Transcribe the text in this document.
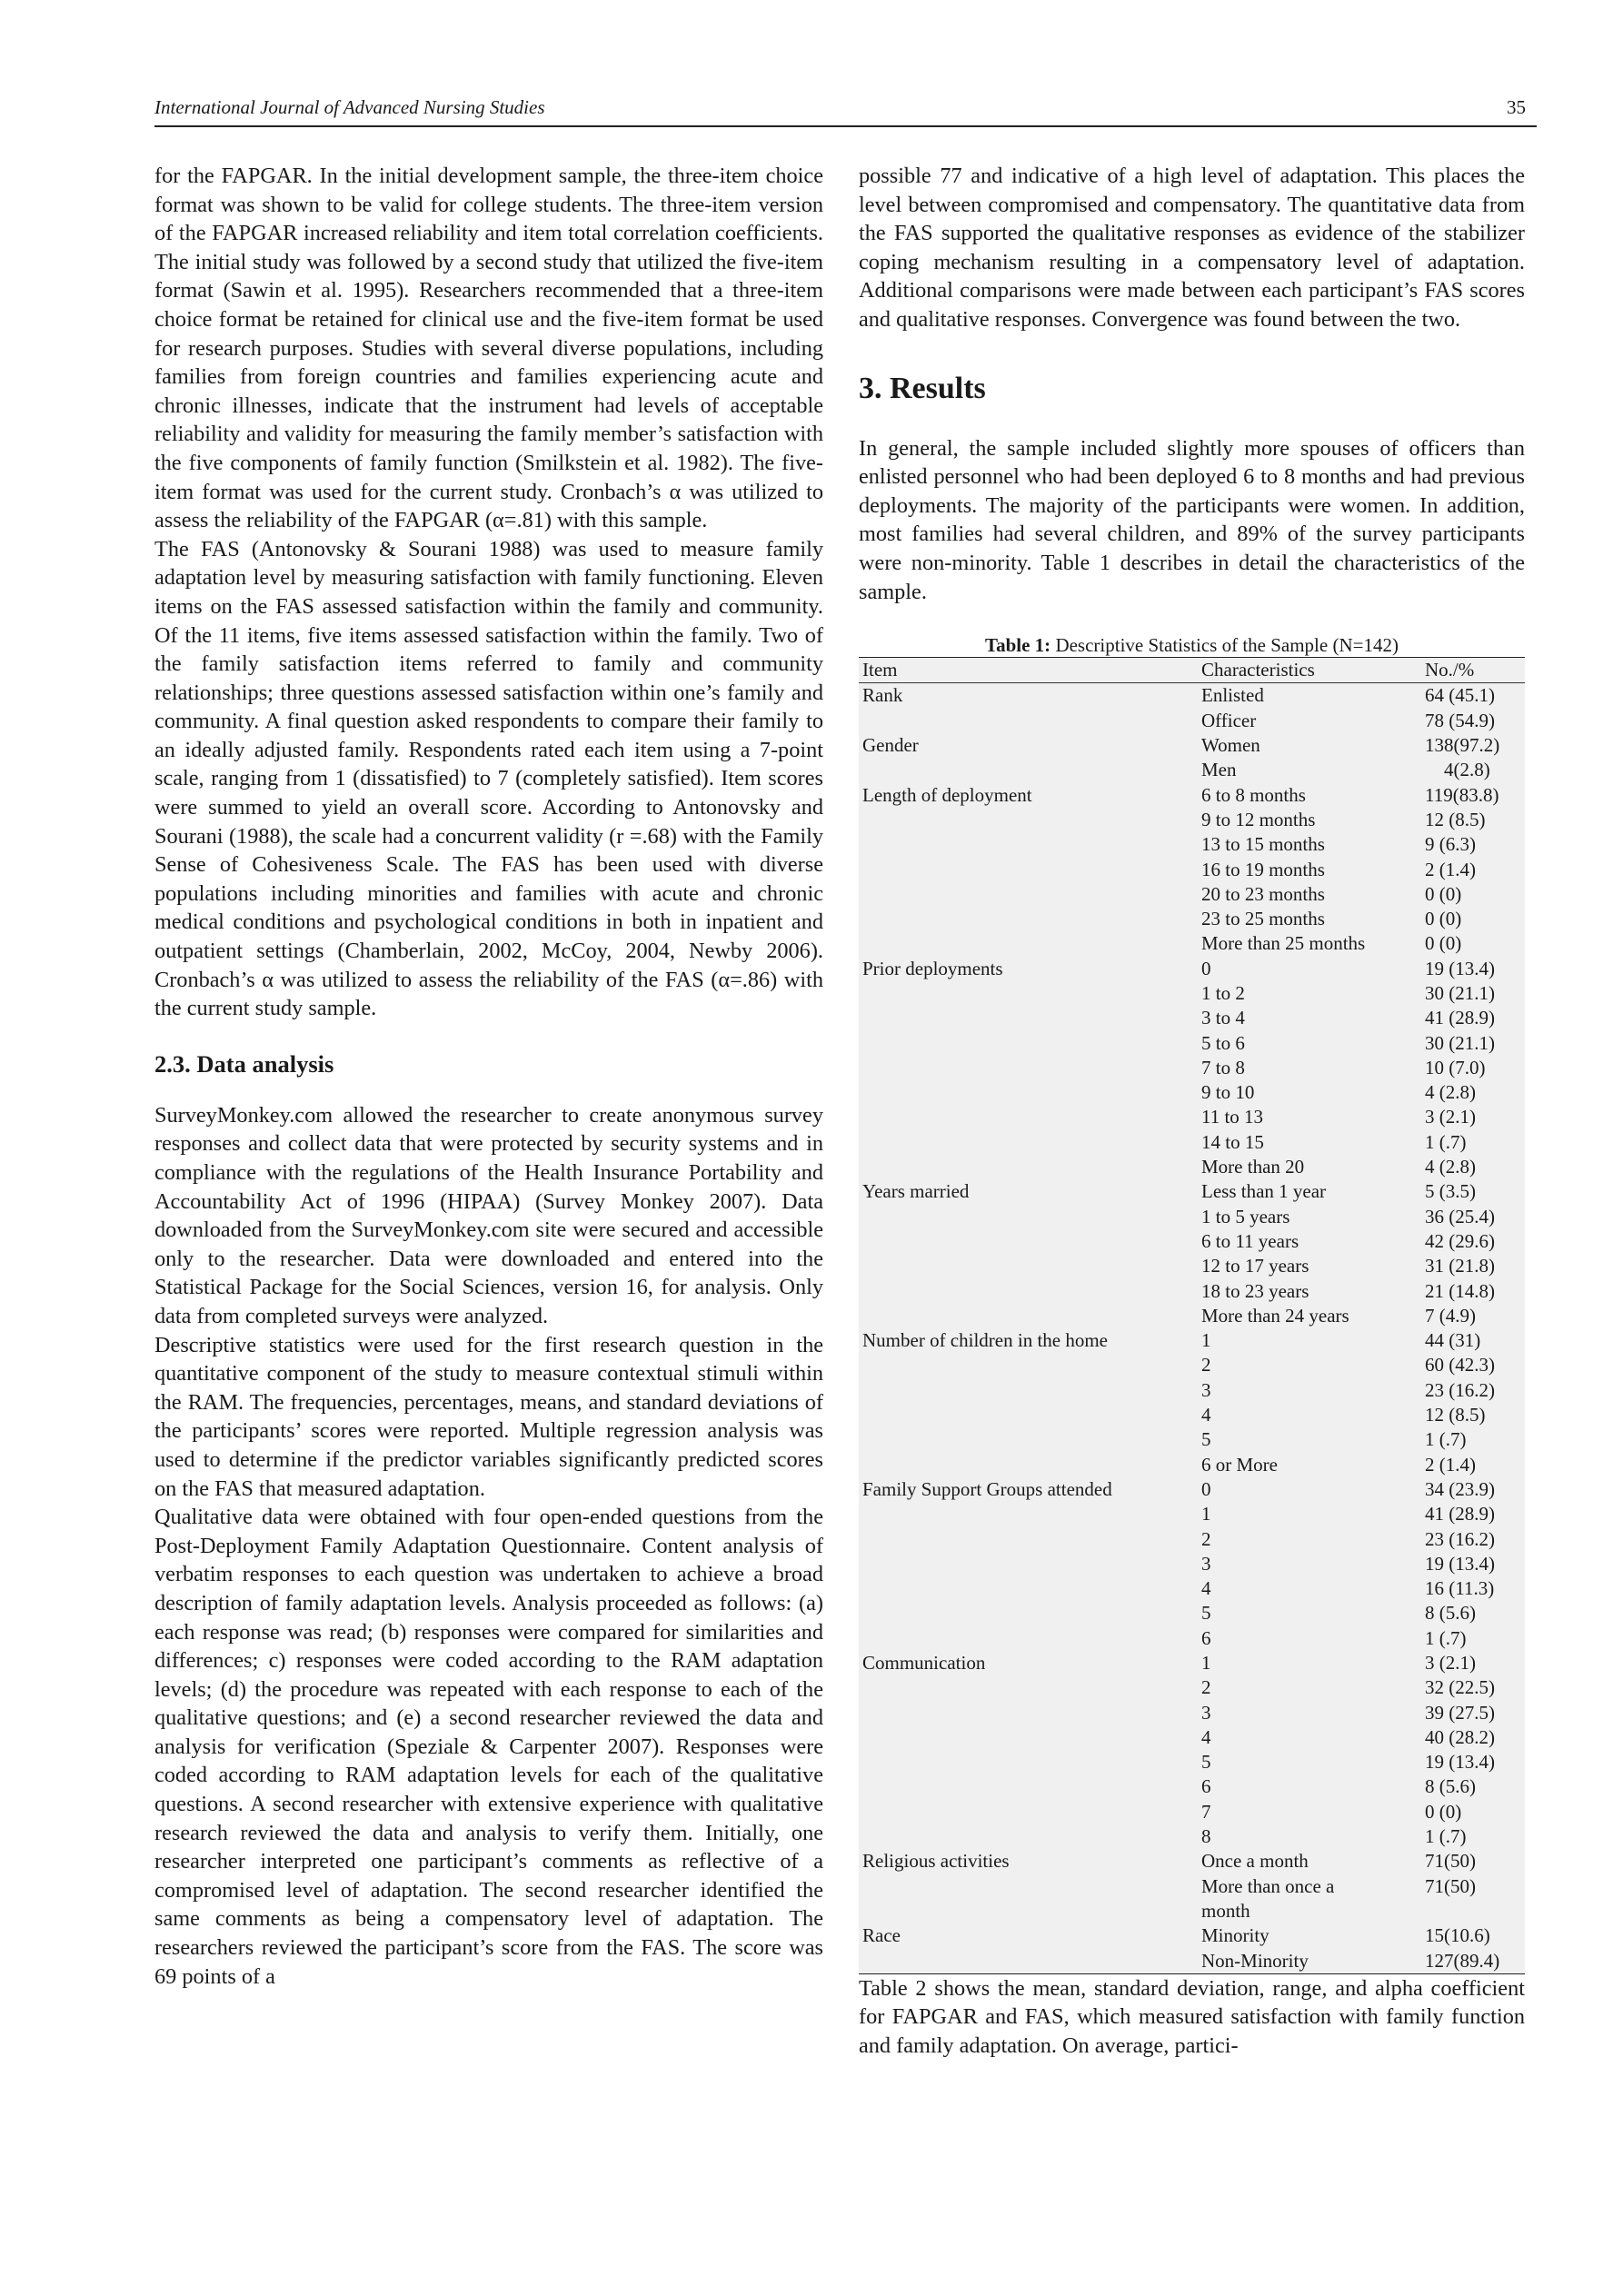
International Journal of Advanced Nursing Studies	35

for the FAPGAR. In the initial development sample, the three-item choice format was shown to be valid for college students. The three-item version of the FAPGAR increased reliability and item total correlation coefficients. The initial study was followed by a second study that utilized the five-item format (Sawin et al. 1995). Researchers recommended that a three-item choice format be retained for clinical use and the five-item format be used for research purposes. Studies with several diverse populations, including families from foreign countries and families experiencing acute and chronic illnesses, indicate that the instrument had levels of acceptable reliability and validity for measuring the family member’s satisfaction with the five components of family function (Smilkstein et al. 1982). The five-item format was used for the current study. Cronbach’s α was utilized to assess the reliability of the FAPGAR (α=.81) with this sample.

The FAS (Antonovsky & Sourani 1988) was used to measure family adaptation level by measuring satisfaction with family functioning. Eleven items on the FAS assessed satisfaction within the family and community. Of the 11 items, five items assessed satisfaction within the family. Two of the family satisfaction items referred to family and community relationships; three questions assessed satisfaction within one’s family and community. A final question asked respondents to compare their family to an ideally adjusted family. Respondents rated each item using a 7-point scale, ranging from 1 (dissatisfied) to 7 (completely satisfied). Item scores were summed to yield an overall score. According to Antonovsky and Sourani (1988), the scale had a concurrent validity (r =.68) with the Family Sense of Cohesiveness Scale. The FAS has been used with diverse populations including minorities and families with acute and chronic medical conditions and psychological conditions in both in inpatient and outpatient settings (Chamberlain, 2002, McCoy, 2004, Newby 2006). Cronbach’s α was utilized to assess the reliability of the FAS (α=.86) with the current study sample.

2.3. Data analysis

SurveyMonkey.com allowed the researcher to create anonymous survey responses and collect data that were protected by security systems and in compliance with the regulations of the Health Insurance Portability and Accountability Act of 1996 (HIPAA) (Survey Monkey 2007). Data downloaded from the SurveyMonkey.com site were secured and accessible only to the researcher. Data were downloaded and entered into the Statistical Package for the Social Sciences, version 16, for analysis. Only data from completed surveys were analyzed.

Descriptive statistics were used for the first research question in the quantitative component of the study to measure contextual stimuli within the RAM. The frequencies, percentages, means, and standard deviations of the participants’ scores were reported. Multiple regression analysis was used to determine if the predictor variables significantly predicted scores on the FAS that measured adaptation.

Qualitative data were obtained with four open-ended questions from the Post-Deployment Family Adaptation Questionnaire. Content analysis of verbatim responses to each question was undertaken to achieve a broad description of family adaptation levels. Analysis proceeded as follows: (a) each response was read; (b) responses were compared for similarities and differences; c) responses were coded according to the RAM adaptation levels; (d) the procedure was repeated with each response to each of the qualitative questions; and (e) a second researcher reviewed the data and analysis for verification (Speziale & Carpenter 2007). Responses were coded according to RAM adaptation levels for each of the qualitative questions. A second researcher with extensive experience with qualitative research reviewed the data and analysis to verify them. Initially, one researcher interpreted one participant’s comments as reflective of a compromised level of adaptation. The second researcher identified the same comments as being a compensatory level of adaptation. The researchers reviewed the participant’s score from the FAS. The score was 69 points of a

possible 77 and indicative of a high level of adaptation. This places the level between compromised and compensatory. The quantitative data from the FAS supported the qualitative responses as evidence of the stabilizer coping mechanism resulting in a compensatory level of adaptation. Additional comparisons were made between each participant’s FAS scores and qualitative responses. Convergence was found between the two.

3. Results

In general, the sample included slightly more spouses of officers than enlisted personnel who had been deployed 6 to 8 months and had previous deployments. The majority of the participants were women. In addition, most families had several children, and 89% of the survey participants were non-minority. Table 1 describes in detail the characteristics of the sample.

Table 1: Descriptive Statistics of the Sample (N=142)
Item	Characteristics	No./%
Rank	Enlisted	64 (45.1)
	Officer	78 (54.9)
Gender	Women	138(97.2)
	Men	4(2.8)
Length of deployment	6 to 8 months	119(83.8)
	9 to 12 months	12 (8.5)
	13 to 15 months	9 (6.3)
	16 to 19 months	2 (1.4)
	20 to 23 months	0 (0)
	23 to 25 months	0 (0)
	More than 25 months	0 (0)
Prior deployments	0	19 (13.4)
	1 to 2	30 (21.1)
	3 to 4	41 (28.9)
	5 to 6	30 (21.1)
	7 to 8	10 (7.0)
	9 to 10	4 (2.8)
	11 to 13	3 (2.1)
	14 to 15	1 (.7)
	More than 20	4 (2.8)
Years married	Less than 1 year	5 (3.5)
	1 to 5 years	36 (25.4)
	6 to 11 years	42 (29.6)
	12 to 17 years	31 (21.8)
	18 to 23 years	21 (14.8)
	More than 24 years	7 (4.9)
Number of children in the home	1	44 (31)
	2	60 (42.3)
	3	23 (16.2)
	4	12 (8.5)
	5	1 (.7)
	6 or More	2 (1.4)
Family Support Groups attended	0	34 (23.9)
	1	41 (28.9)
	2	23 (16.2)
	3	19 (13.4)
	4	16 (11.3)
	5	8 (5.6)
	6	1 (.7)
Communication	1	3 (2.1)
	2	32 (22.5)
	3	39 (27.5)
	4	40 (28.2)
	5	19 (13.4)
	6	8 (5.6)
	7	0 (0)
	8	1 (.7)
Religious activities	Once a month	71(50)
	More than once a	71(50)
	month	
Race	Minority	15(10.6)
	Non-Minority	127(89.4)

Table 2 shows the mean, standard deviation, range, and alpha coefficient for FAPGAR and FAS, which measured satisfaction with family function and family adaptation. On average, partici-
